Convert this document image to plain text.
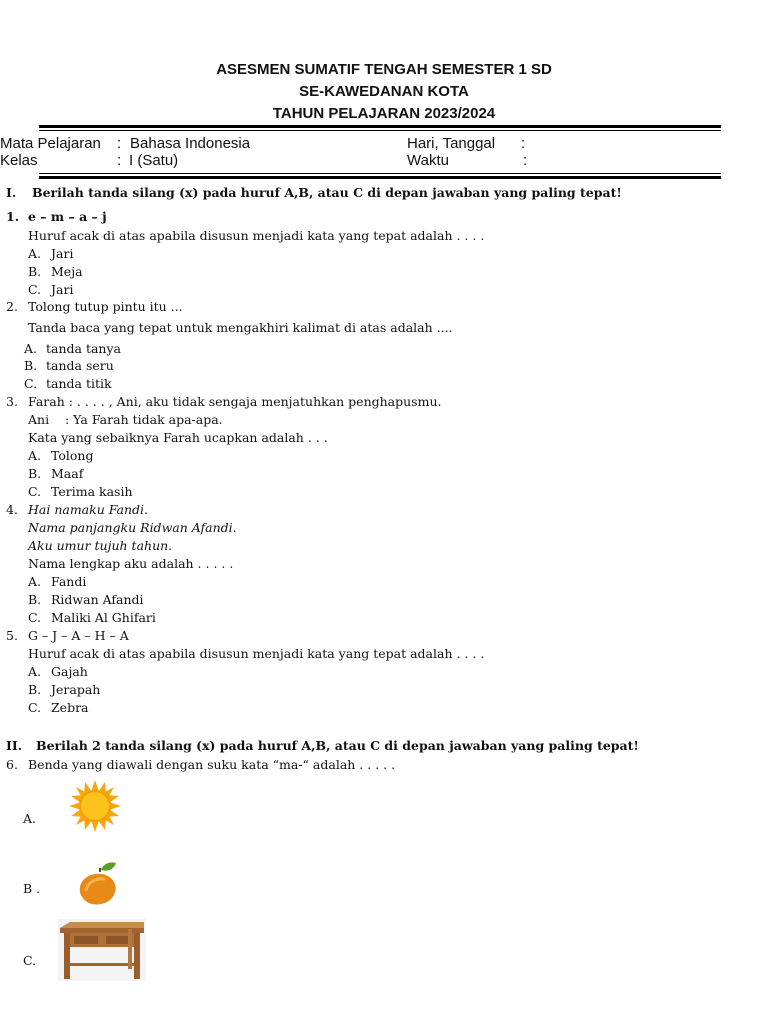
ASESMEN SUMATIF TENGAH SEMESTER 1 SD
SE-KAWEDANAN KOTA
TAHUN PELAJARAN 2023/2024
Mata Pelajaran : Bahasa Indonesia
Kelas	: I (Satu)
Hari, Tanggal :
Waktu	:
I. Berilah tanda silang (x) pada huruf A,B, atau C di depan jawaban yang paling tepat!
1. e – m – a – j
Huruf acak di atas apabila disusun menjadi kata yang tepat adalah . . . .
A. Jari
B. Meja
C. Jari
2. Tolong tutup pintu itu ...
Tanda baca yang tepat untuk mengakhiri kalimat di atas adalah ....
A. tanda tanya
B. tanda seru
C. tanda titik
3. Farah : . . . . , Ani, aku tidak sengaja menjatuhkan penghapusmu.
Ani    : Ya Farah tidak apa-apa.
Kata yang sebaiknya Farah ucapkan adalah . . .
A. Tolong
B. Maaf
C. Terima kasih
4. Hai namaku Fandi.
Nama panjangku Ridwan Afandi.
Aku umur tujuh tahun.
Nama lengkap aku adalah . . . . .
A. Fandi
B. Ridwan Afandi
C. Maliki Al Ghifari
5. G – J – A – H – A
Huruf acak di atas apabila disusun menjadi kata yang tepat adalah . . . .
A. Gajah
B. Jerapah
C. Zebra
II. Berilah 2 tanda silang (x) pada huruf A,B, atau C di depan jawaban yang paling tepat!
6. Benda yang diawali dengan suku kata “ma-“ adalah . . . . .
A.
B .
C.
